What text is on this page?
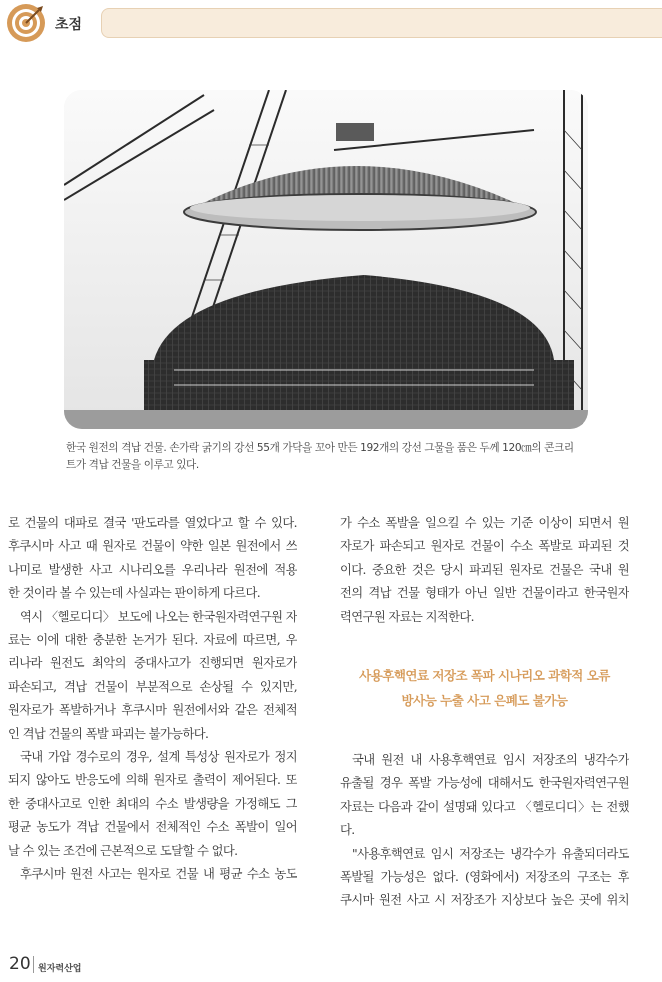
초점
한국 원전의 격납 건물. 손가락 굵기의 강선 55개 가닥을 꼬아 만든 192개의 강선 그물을 품은 두께 120㎝의 콘크리
트가 격납 건물을 이루고 있다.
로 건물의 대파로 결국 '판도라를 열었다'고 할 수 있다.
후쿠시마 사고 때 원자로 건물이 약한 일본 원전에서 쓰
나미로 발생한 사고 시나리오를 우리나라 원전에 적용
한 것이라 볼 수 있는데 사실과는 판이하게 다르다.
역시 〈헬로디디〉 보도에 나오는 한국원자력연구원 자
료는 이에 대한 충분한 논거가 된다. 자료에 따르면, 우
리나라 원전도 최악의 중대사고가 진행되면 원자로가
파손되고, 격납 건물이 부분적으로 손상될 수 있지만,
원자로가 폭발하거나 후쿠시마 원전에서와 같은 전체적
인 격납 건물의 폭발 파괴는 불가능하다.
국내 가압 경수로의 경우, 설계 특성상 원자로가 정지
되지 않아도 반응도에 의해 원자로 출력이 제어된다. 또
한 중대사고로 인한 최대의 수소 발생량을 가정해도 그
평균 농도가 격납 건물에서 전체적인 수소 폭발이 일어
날 수 있는 조건에 근본적으로 도달할 수 없다.
후쿠시마 원전 사고는 원자로 건물 내 평균 수소 농도
가 수소 폭발을 일으킬 수 있는 기준 이상이 되면서 원
자로가 파손되고 원자로 건물이 수소 폭발로 파괴된 것
이다. 중요한 것은 당시 파괴된 원자로 건물은 국내 원
전의 격납 건물 형태가 아닌 일반 건물이라고 한국원자
력연구원 자료는 지적한다.
사용후핵연료 저장조 폭파 시나리오 과학적 오류
방사능 누출 사고 은폐도 불가능
국내 원전 내 사용후핵연료 임시 저장조의 냉각수가
유출될 경우 폭발 가능성에 대해서도 한국원자력연구원
자료는 다음과 같이 설명돼 있다고 〈헬로디디〉는 전했
다.
"사용후핵연료 임시 저장조는 냉각수가 유출되더라도
폭발될 가능성은 없다. (영화에서) 저장조의 구조는 후
쿠시마 원전 사고 시 저장조가 지상보다 높은 곳에 위치
20 원자력산업
